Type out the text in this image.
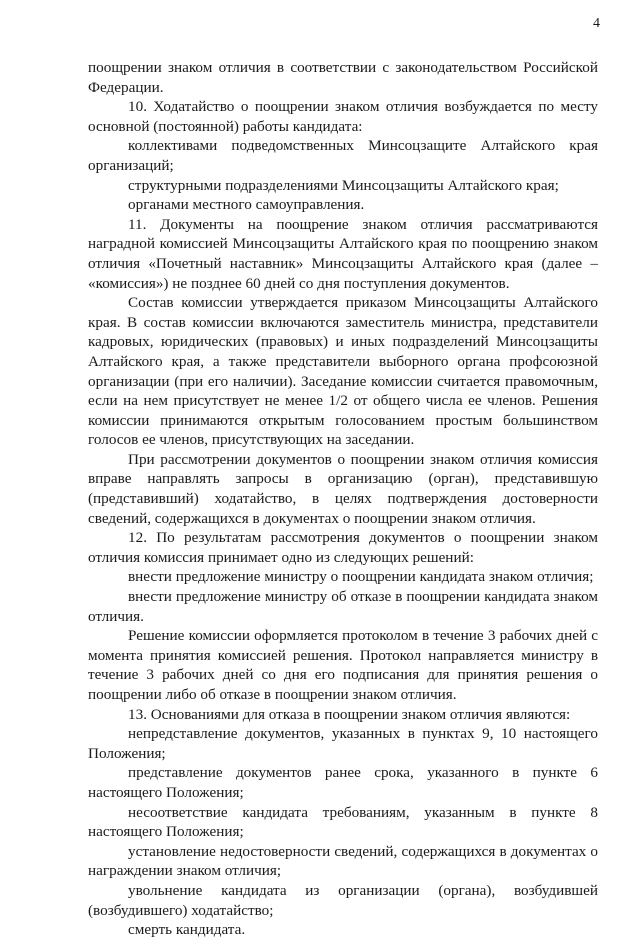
4

поощрении знаком отличия в соответствии с законодательством Российской Федерации.

10. Ходатайство о поощрении знаком отличия возбуждается по месту основной (постоянной) работы кандидата:

коллективами подведомственных Минсоцзащите Алтайского края организаций;

структурными подразделениями Минсоцзащиты Алтайского края;

органами местного самоуправления.

11. Документы на поощрение знаком отличия рассматриваются наградной комиссией Минсоцзащиты Алтайского края по поощрению знаком отличия «Почетный наставник» Минсоцзащиты Алтайского края (далее – «комиссия») не позднее 60 дней со дня поступления документов.

Состав комиссии утверждается приказом Минсоцзащиты Алтайского края. В состав комиссии включаются заместитель министра, представители кадровых, юридических (правовых) и иных подразделений Минсоцзащиты Алтайского края, а также представители выборного органа профсоюзной организации (при его наличии). Заседание комиссии считается правомочным, если на нем присутствует не менее 1/2 от общего числа ее членов. Решения комиссии принимаются открытым голосованием простым большинством голосов ее членов, присутствующих на заседании.

При рассмотрении документов о поощрении знаком отличия комиссия вправе направлять запросы в организацию (орган), представившую (представивший) ходатайство, в целях подтверждения достоверности сведений, содержащихся в документах о поощрении знаком отличия.

12. По результатам рассмотрения документов о поощрении знаком отличия комиссия принимает одно из следующих решений:

внести предложение министру о поощрении кандидата знаком отличия;

внести предложение министру об отказе в поощрении кандидата знаком отличия.

Решение комиссии оформляется протоколом в течение 3 рабочих дней с момента принятия комиссией решения. Протокол направляется министру в течение 3 рабочих дней со дня его подписания для принятия решения о поощрении либо об отказе в поощрении знаком отличия.

13. Основаниями для отказа в поощрении знаком отличия являются:

непредставление документов, указанных в пунктах 9, 10 настоящего Положения;

представление документов ранее срока, указанного в пункте 6 настоящего Положения;

несоответствие кандидата требованиям, указанным в пункте 8 настоящего Положения;

установление недостоверности сведений, содержащихся в документах о награждении знаком отличия;

увольнение кандидата из организации (органа), возбудившей (возбудившего) ходатайство;

смерть кандидата.
